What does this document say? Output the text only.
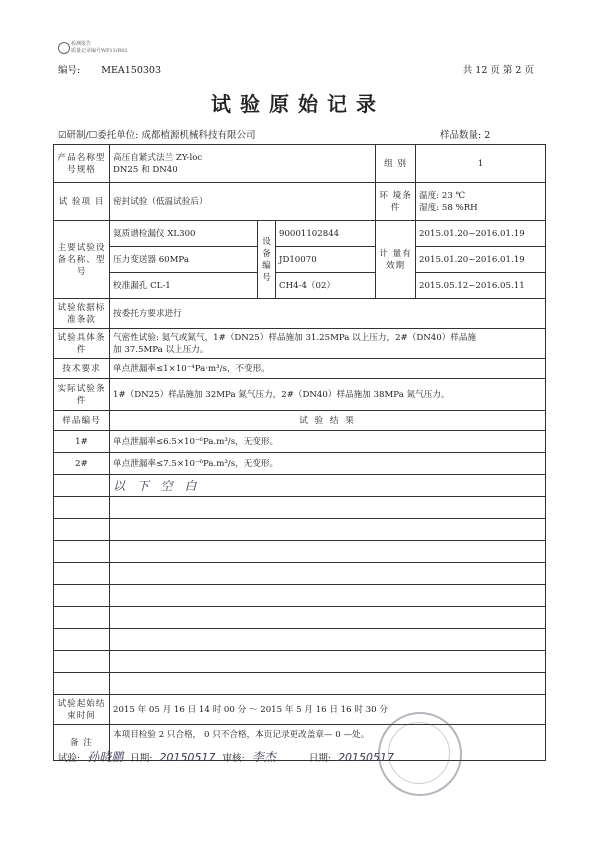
检测报告
质量记录编号WP13/R02
编号: MEA150303	共 12 页 第 2 页
试验原始记录
☑研制/☐委托单位: 成都植源机械科技有限公司	样品数量: 2
产品名称型号规格	高压自紧式法兰 ZY-loc
DN25 和 DN40			组 别	1
试 验项 目	密封试验（低温试验后）			环 境条 件	温度: 23 ℃
湿度: 58 %RH

主要试验设备名称、型号	氦质谱检漏仪 XL300	设备编号	90001102844	计 量有效期	2015.01.20~2016.01.19
	压力变送器 60MPa		JD10070		2015.01.20~2016.01.19
	校准漏孔 CL-1		CH4-4（02）		2015.05.12~2016.05.11
试验依据标准条款	按委托方要求进行				
试验具体条 件	气密性试验: 氦气或氮气，1#（DN25）样品施加 31.25MPa 以上压力，2#（DN40）样品施
加 37.5MPa 以上压力。				

技术要求	单点泄漏率≤1×10⁻⁴Pa·m³/s，不变形。				
实际试验条 件	1#（DN25）样品施加 32MPa 氮气压力，2#（DN40）样品施加 38MPa 氮气压力。				
样品编号	试 验 结 果				
1#	单点泄漏率≤6.5×10⁻⁶Pa.m³/s，无变形。				
2#	单点泄漏率≤7.5×10⁻⁶Pa.m³/s，无变形。				
	以 下 空 白				

试验起始结束时间	2015 年 05 月 16 日 14 时 00 分 ～ 2015 年 5 月 16 日 16 时 30 分				
备 注	本项目检验 2 只合格， 0 只不合格，本页记录更改盖章— 0 —处。				
试验: 孙晓鹏 日期: 20150517 审核: 李杰	日期: 20150517
